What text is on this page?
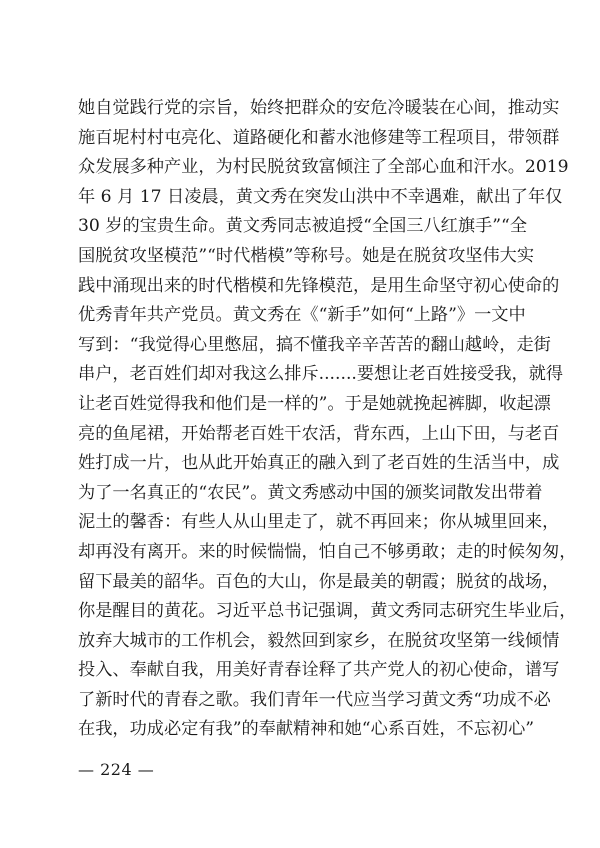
她自觉践行党的宗旨，始终把群众的安危冷暖装在心间，推动实
施百坭村村屯亮化、道路硬化和蓄水池修建等工程项目，带领群
众发展多种产业，为村民脱贫致富倾注了全部心血和汗水。2019
年 6 月 17 日凌晨，黄文秀在突发山洪中不幸遇难，献出了年仅
30 岁的宝贵生命。黄文秀同志被追授“全国三八红旗手”“全
国脱贫攻坚模范”“时代楷模”等称号。她是在脱贫攻坚伟大实
践中涌现出来的时代楷模和先锋模范，是用生命坚守初心使命的
优秀青年共产党员。黄文秀在《“新手”如何“上路”》一文中
写到：“我觉得心里憋屈，搞不懂我辛辛苦苦的翻山越岭，走街
串户，老百姓们却对我这么排斥.......要想让老百姓接受我，就得
让老百姓觉得我和他们是一样的”。于是她就挽起裤脚，收起漂
亮的鱼尾裙，开始帮老百姓干农活，背东西，上山下田，与老百
姓打成一片，也从此开始真正的融入到了老百姓的生活当中，成
为了一名真正的“农民”。黄文秀感动中国的颁奖词散发出带着
泥土的馨香：有些人从山里走了，就不再回来；你从城里回来，
却再没有离开。来的时候惴惴，怕自己不够勇敢；走的时候匆匆，
留下最美的韶华。百色的大山，你是最美的朝霞；脱贫的战场，
你是醒目的黄花。习近平总书记强调，黄文秀同志研究生毕业后，
放弃大城市的工作机会，毅然回到家乡，在脱贫攻坚第一线倾情
投入、奉献自我，用美好青春诠释了共产党人的初心使命，谱写
了新时代的青春之歌。我们青年一代应当学习黄文秀“功成不必
在我，功成必定有我”的奉献精神和她“心系百姓，不忘初心”
— 224 —
